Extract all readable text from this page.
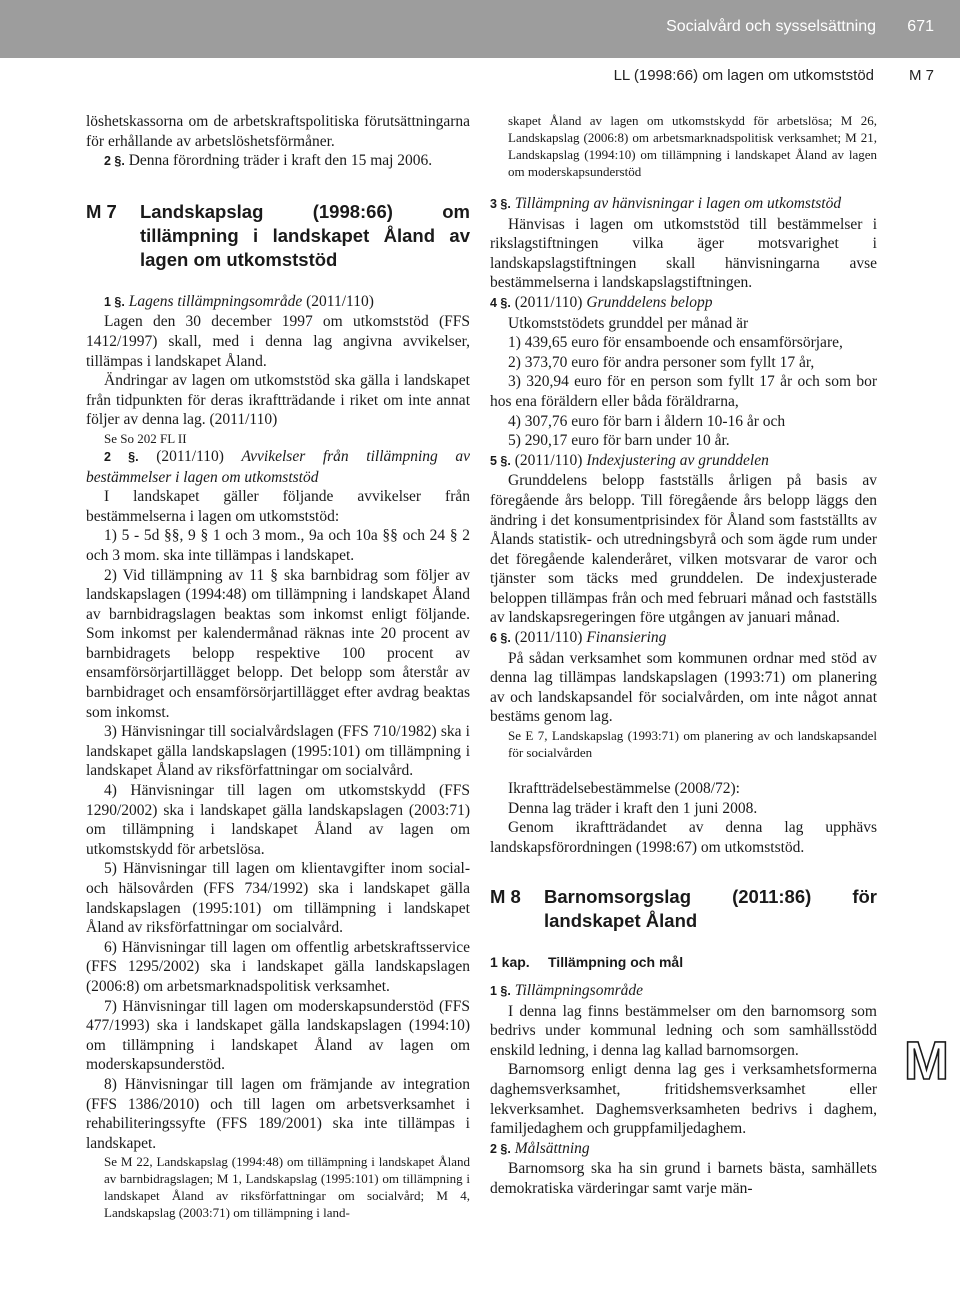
Socialvård och sysselsättning 671
LL (1998:66) om lagen om utkomststöd M 7
M

löshetskassorna om de arbetskraftspolitiska förutsättningarna för erhållande av arbetslöshetsförmåner.

2 §. Denna förordning träder i kraft den 15 maj 2006.

M 7	Landskapslag (1998:66) om tillämpning i landskapet Åland av lagen om utkomststöd

1 §. Lagens tillämpningsområde (2011/110)

Lagen den 30 december 1997 om utkomststöd (FFS 1412/1997) skall, med i denna lag angivna avvikelser, tillämpas i landskapet Åland.

Ändringar av lagen om utkomststöd ska gälla i landskapet från tidpunkten för deras ikraftträdande i riket om inte annat följer av denna lag. (2011/110)

Se So 202 FL II

2 §. (2011/110) Avvikelser från tillämpning av bestämmelser i lagen om utkomststöd

I landskapet gäller följande avvikelser från bestämmelserna i lagen om utkomststöd:

1) 5 - 5d §§, 9 § 1 och 3 mom., 9a och 10a §§ och 24 § 2 och 3 mom. ska inte tillämpas i landskapet.

2) Vid tillämpning av 11 § ska barnbidrag som följer av landskapslagen (1994:48) om tillämpning i landskapet Åland av barnbidragslagen beaktas som inkomst enligt följande. Som inkomst per kalendermånad räknas inte 20 procent av barnbidragets belopp respektive 100 procent av ensamförsörjartillägget belopp. Det belopp som återstår av barnbidraget och ensamförsörjartillägget efter avdrag beaktas som inkomst.

3) Hänvisningar till socialvårdslagen (FFS 710/1982) ska i landskapet gälla landskapslagen (1995:101) om tillämpning i landskapet Åland av riksförfattningar om socialvård.

4) Hänvisningar till lagen om utkomstskydd (FFS 1290/2002) ska i landskapet gälla landskapslagen (2003:71) om tillämpning i landskapet Åland av lagen om utkomstskydd för arbetslösa.

5) Hänvisningar till lagen om klientavgifter inom social- och hälsovården (FFS 734/1992) ska i landskapet gälla landskapslagen (1995:101) om tillämpning i landskapet Åland av riksförfattningar om socialvård.

6) Hänvisningar till lagen om offentlig arbetskraftsservice (FFS 1295/2002) ska i landskapet gälla landskapslagen (2006:8) om arbetsmarknadspolitisk verksamhet.

7) Hänvisningar till lagen om moderskapsunderstöd (FFS 477/1993) ska i landskapet gälla landskapslagen (1994:10) om tillämpning i landskapet Åland av lagen om moderskapsunderstöd.

8) Hänvisningar till lagen om främjande av integration (FFS 1386/2010) och till lagen om arbetsverksamhet i rehabiliteringssyfte (FFS 189/2001) ska inte tillämpas i landskapet.

Se M 22, Landskapslag (1994:48) om tillämpning i landskapet Åland av barnbidragslagen; M 1, Landskapslag (1995:101) om tillämpning i landskapet Åland av riksförfattningar om socialvård; M 4, Landskapslag (2003:71) om tillämpning i land-

skapet Åland av lagen om utkomstskydd för arbetslösa; M 26, Landskapslag (2006:8) om arbetsmarknadspolitisk verksamhet; M 21, Landskapslag (1994:10) om tillämpning i landskapet Åland av lagen om moderskapsunderstöd

3 §. Tillämpning av hänvisningar i lagen om utkomststöd

Hänvisas i lagen om utkomststöd till bestämmelser i rikslagstiftningen vilka äger motsvarighet i landskapslagstiftningen skall hänvisningarna avse bestämmelserna i landskapslagstiftningen.

4 §. (2011/110) Grunddelens belopp

Utkomststödets grunddel per månad är

1) 439,65 euro för ensamboende och ensamförsörjare,

2) 373,70 euro för andra personer som fyllt 17 år,

3) 320,94 euro för en person som fyllt 17 år och som bor hos ena föräldern eller båda föräldrarna,

4) 307,76 euro för barn i åldern 10-16 år och

5) 290,17 euro för barn under 10 år.

5 §. (2011/110) Indexjustering av grunddelen

Grunddelens belopp fastställs årligen på basis av föregående års belopp. Till föregående års belopp läggs den ändring i det konsumentprisindex för Åland som fastställts av Ålands statistik- och utredningsbyrå och som ägde rum under det föregående kalenderåret, vilken motsvarar de varor och tjänster som täcks med grunddelen. De indexjusterade beloppen tillämpas från och med februari månad och fastställs av landskapsregeringen före utgången av januari månad.

6 §. (2011/110) Finansiering

På sådan verksamhet som kommunen ordnar med stöd av denna lag tillämpas landskapslagen (1993:71) om planering av och landskapsandel för socialvården, om inte något annat bestäms genom lag.

Se E 7, Landskapslag (1993:71) om planering av och landskapsandel för socialvården

Ikraftträdelsebestämmelse (2008/72):

Denna lag träder i kraft den 1 juni 2008.

Genom ikraftträdandet av denna lag upphävs landskapsförordningen (1998:67) om utkomststöd.

M 8	Barnomsorgslag (2011:86) för landskapet Åland
1 kap.	Tillämpning och mål

1 §. Tillämpningsområde

I denna lag finns bestämmelser om den barnomsorg som bedrivs under kommunal ledning och som samhällsstödd enskild ledning, i denna lag kallad barnomsorgen.

Barnomsorg enligt denna lag ges i verksamhetsformerna daghemsverksamhet, fritidshemsverksamhet eller lekverksamhet. Daghemsverksamheten bedrivs i daghem, familjedaghem och gruppfamiljedaghem.

2 §. Målsättning

Barnomsorg ska ha sin grund i barnets bästa, samhällets demokratiska värderingar samt varje män-
